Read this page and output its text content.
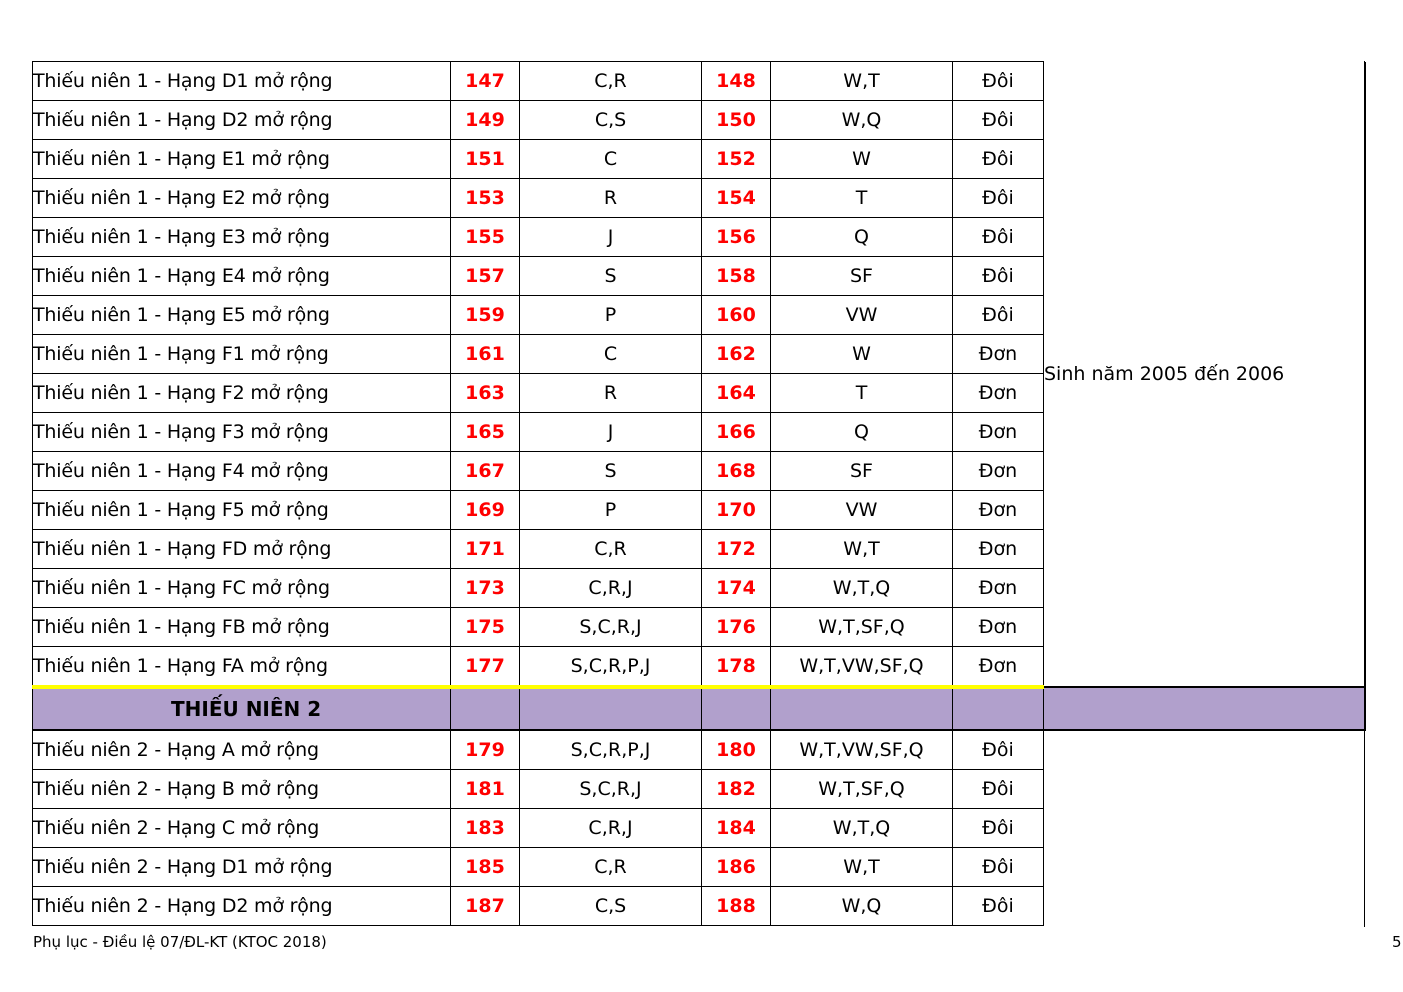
Thiếu niên 1 - Hạng D1 mở rộng	147	C,R	148	W,T	Đôi	Sinh năm 2005 đến 2006
Thiếu niên 1 - Hạng D2 mở rộng	149	C,S	150	W,Q	Đôi	
Thiếu niên 1 - Hạng E1 mở rộng	151	C	152	W	Đôi	
Thiếu niên 1 - Hạng E2 mở rộng	153	R	154	T	Đôi	
Thiếu niên 1 - Hạng E3 mở rộng	155	J	156	Q	Đôi	
Thiếu niên 1 - Hạng E4 mở rộng	157	S	158	SF	Đôi	
Thiếu niên 1 - Hạng E5 mở rộng	159	P	160	VW	Đôi	
Thiếu niên 1 - Hạng F1 mở rộng	161	C	162	W	Đơn	
Thiếu niên 1 - Hạng F2 mở rộng	163	R	164	T	Đơn	
Thiếu niên 1 - Hạng F3 mở rộng	165	J	166	Q	Đơn	
Thiếu niên 1 - Hạng F4 mở rộng	167	S	168	SF	Đơn	
Thiếu niên 1 - Hạng F5 mở rộng	169	P	170	VW	Đơn	
Thiếu niên 1 - Hạng FD mở rộng	171	C,R	172	W,T	Đơn	
Thiếu niên 1 - Hạng FC mở rộng	173	C,R,J	174	W,T,Q	Đơn	
Thiếu niên 1 - Hạng FB mở rộng	175	S,C,R,J	176	W,T,SF,Q	Đơn	
Thiếu niên 1 - Hạng FA mở rộng	177	S,C,R,P,J	178	W,T,VW,SF,Q	Đơn	
THIẾU NIÊN 2						
Thiếu niên 2 - Hạng A mở rộng	179	S,C,R,P,J	180	W,T,VW,SF,Q	Đôi	
Thiếu niên 2 - Hạng B mở rộng	181	S,C,R,J	182	W,T,SF,Q	Đôi	
Thiếu niên 2 - Hạng C mở rộng	183	C,R,J	184	W,T,Q	Đôi	
Thiếu niên 2 - Hạng D1 mở rộng	185	C,R	186	W,T	Đôi	
Thiếu niên 2 - Hạng D2 mở rộng	187	C,S	188	W,Q	Đôi	
Phụ lục - Điều lệ 07/ĐL-KT (KTOC 2018)	5
